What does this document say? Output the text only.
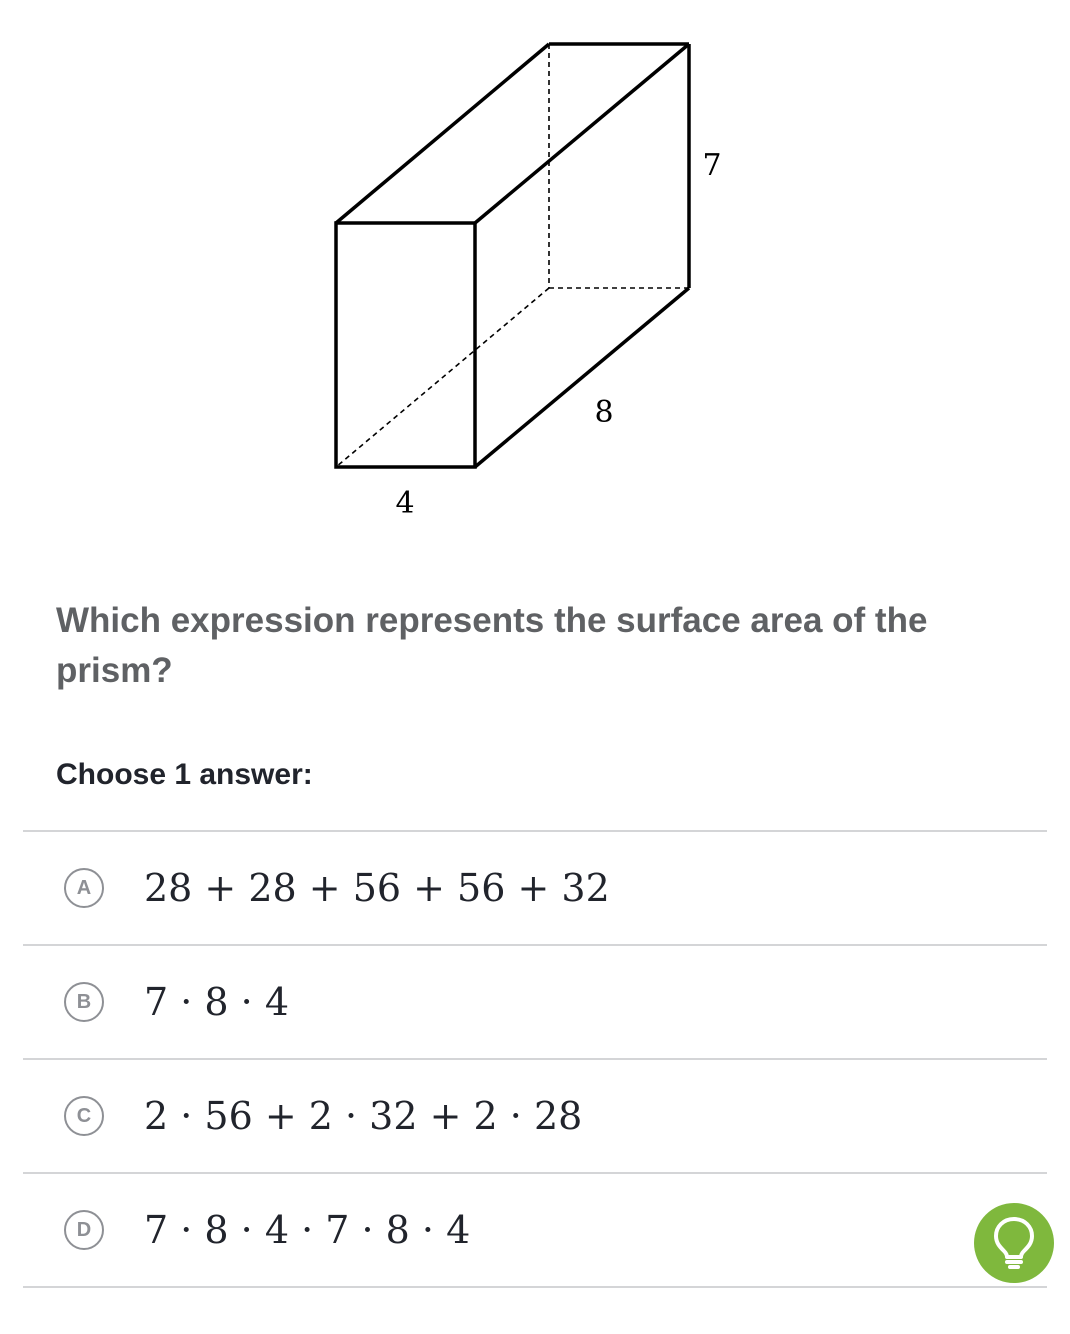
7
8
4

Which expression represents the surface area of the prism?

Choose 1 answer:

A	28 + 28 + 56 + 56 + 32
B	7 · 8 · 4
C	2 · 56 + 2 · 32 + 2 · 28
D	7 · 8 · 4 · 7 · 8 · 4
